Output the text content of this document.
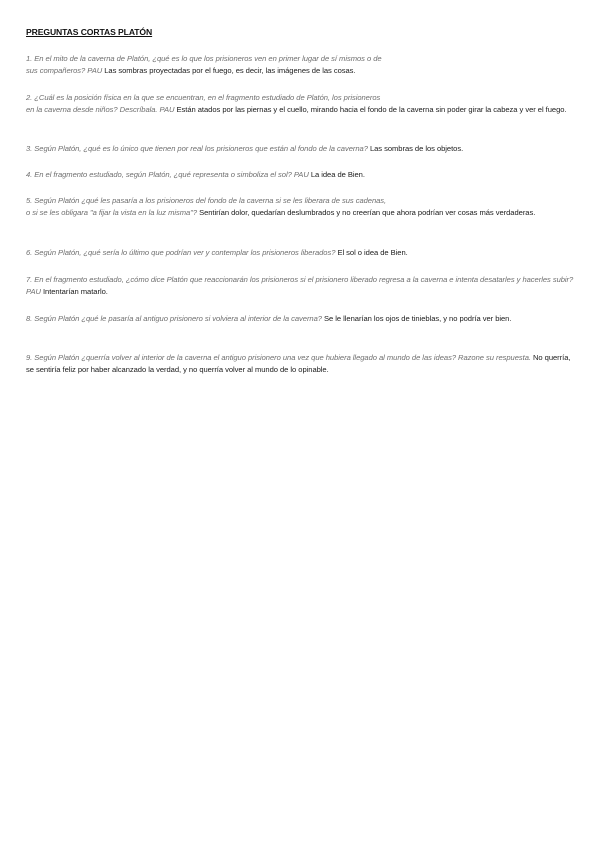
PREGUNTAS CORTAS PLATÓN
1. En el mito de la caverna de Platón, ¿qué es lo que los prisioneros ven en primer lugar de sí mismos o de
sus compañeros? PAU Las sombras proyectadas por el fuego, es decir, las imágenes de las cosas.
2. ¿Cuál es la posición física en la que se encuentran, en el fragmento estudiado de Platón, los prisioneros
en la caverna desde niños? Descríbala. PAU Están atados por las piernas y el cuello, mirando hacia el fondo de la caverna sin poder girar la cabeza y ver el fuego.
3. Según Platón, ¿qué es lo único que tienen por real los prisioneros que están al fondo de la caverna? Las sombras de los objetos.
4. En el fragmento estudiado, según Platón, ¿qué representa o simboliza el sol? PAU La idea de Bien.
5. Según Platón ¿qué les pasaría a los prisioneros del fondo de la caverna si se les liberara de sus cadenas,
o si se les obligara "a fijar la vista en la luz misma"? Sentirían dolor, quedarían deslumbrados y no creerían que ahora podrían ver cosas más verdaderas.
6. Según Platón, ¿qué sería lo último que podrían ver y contemplar los prisioneros liberados? El sol o idea de Bien.
7. En el fragmento estudiado, ¿cómo dice Platón que reaccionarán los prisioneros si el prisionero liberado regresa a la caverna e intenta desatarles y hacerles subir? PAU Intentarían matarlo.
8. Según Platón ¿qué le pasaría al antiguo prisionero si volviera al interior de la caverna? Se le llenarían los ojos de tinieblas, y no podría ver bien.
9. Según Platón ¿querría volver al interior de la caverna el antiguo prisionero una vez que hubiera llegado al mundo de las ideas? Razone su respuesta. No querría, se sentiría feliz por haber alcanzado la verdad, y no querría volver al mundo de lo opinable.
